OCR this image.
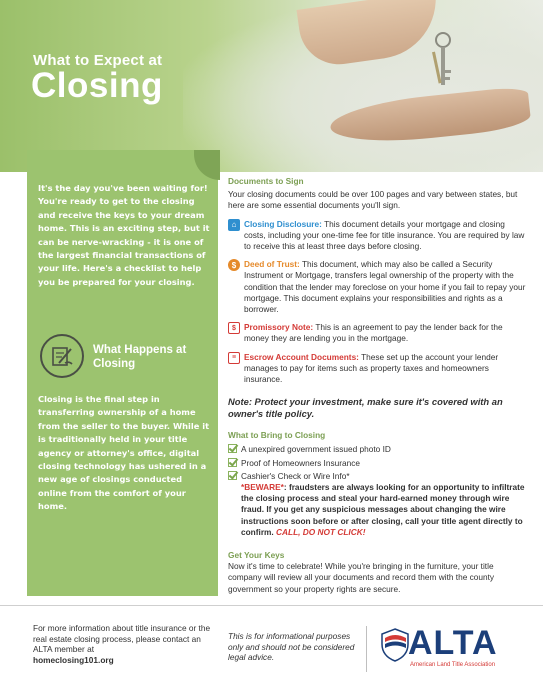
What to Expect at
Closing
It's the day you've been waiting for! You're ready to get to the closing and receive the keys to your dream home. This is an exciting step, but it can be nerve-wracking - it is one of the largest financial transactions of your life. Here's a checklist to help you be prepared for your closing.
What Happens at Closing
Closing is the final step in transferring ownership of a home from the seller to the buyer. While it is traditionally held in your title agency or attorney's office, digital closing technology has ushered in a new age of closings conducted online from the comfort of your home.
Documents to Sign
Your closing documents could be over 100 pages and vary between states, but here are some essential documents you'll sign.
⌂ Closing Disclosure: This document details your mortgage and closing costs, including your one-time fee for title insurance. You are required by law to receive this at least three days before closing.
$ Deed of Trust: This document, which may also be called a Security Instrument or Mortgage, transfers legal ownership of the property with the condition that the lender may foreclose on your home if you fail to repay your mortgage. This document explains your responsibilities and rights as a borrower.
$ Promissory Note: This is an agreement to pay the lender back for the money they are lending you in the mortgage.
≡ Escrow Account Documents: These set up the account your lender manages to pay for items such as property taxes and homeowners insurance.
Note: Protect your investment, make sure it's covered with an owner's title policy.
What to Bring to Closing
A unexpired government issued photo ID
Proof of Homeowners Insurance
Cashier's Check or Wire Info*
*BEWARE*: fraudsters are always looking for an opportunity to infiltrate the closing process and steal your hard-earned money through wire fraud. If you get any suspicious messages about changing the wire instructions soon before or after closing, call your title agent directly to confirm. CALL, DO NOT CLICK!
Get Your Keys
Now it's time to celebrate! While you're bringing in the furniture, your title company will review all your documents and record them with the county government so your property rights are secure.
For more information about title insurance or the real estate closing process, please contact an ALTA member at
homeclosing101.org
This is for informational purposes only and should not be considered legal advice.	ALTA
American Land Title Association
